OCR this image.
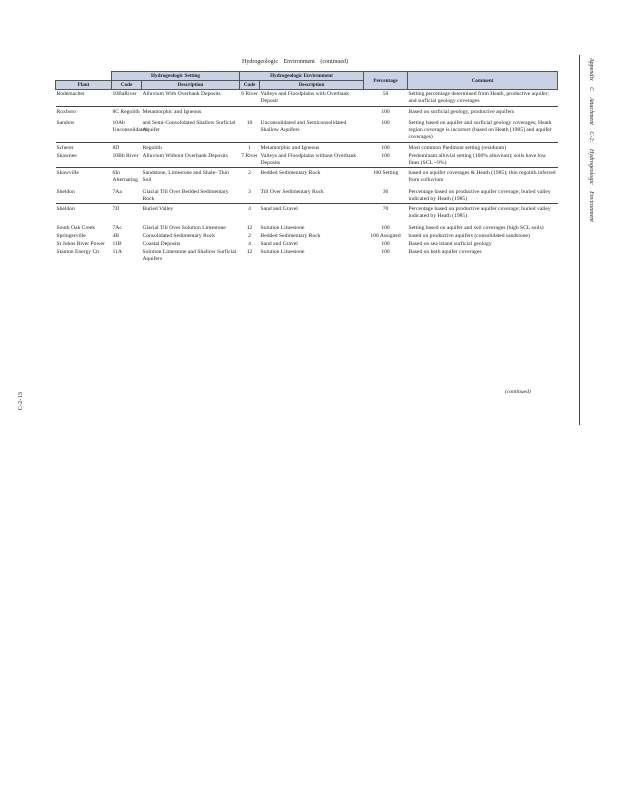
Hydrogeologic Environment (continued)
	Hydrogeologic Setting		Hydrogeologic Environment		Percentage	Comment
Plant	Code	Description	Code	Description		
Rodemacher	10BaRiver	Alluvium With Overbank Deposits	6 River	Valleys and Floodplains with Overbank Deposit	50	Setting percentage determined from Heath, productive aquifer; and surficial geology coverages
Roxboro	8C Regolith	Metamorphic and Igneous			100	Based on surficial geology, productive aquifers
Sandow	10Ab Unconsolidated	and Semi-Consolidated Shallow Surficial Aquifer	10	Unconsolidated and Semiconsolidated Shallow Aquifers	100	Setting based on aquifer and surficial geology coverages; Heath region coverage is incorrect (based on Heath [1985] and aquifer coverages)
Scherer	8D	Regolith	1	Metamorphic and Igneous	100	Most common Piedmont setting (residuum)
Shawnee	10Bb River	Alluvium Without Overbank Deposits	7 River	Valleys and Floodplains without Overbank Deposits	100	Predominant alluvial setting (100% alluvium); soils have low fines (SCL ~9%)
Shawville	6In Alternating	Sandstone, Limestone and Shale- Thin Soil	2	Bedded Sedimentary Rock	100 Setting	based on aquifer coverages & Heath (1985); thin regolith inferred from colluvium
Sheldon	7Aa	Glacial Till Over Bedded Sedimentary Rock	3	Till Over Sedimentary Rock	30	Percentage based on productive aquifer coverage; buried valley indicated by Heath (1985)
Sheldon	7D	Buried Valley	4	Sand and Gravel	70	Percentage based on productive aquifer coverage; buried valley indicated by Heath (1985)
South Oak Creek	7Ac	Glacial Till Over Solution Limestone	12	Solution Limestone	100	Setting based on aquifer and soil coverages (high SCL soils)
Springerville	4B	Consolidated Sedimentary Rock	2	Bedded Sedimentary Rock	100 Assigned	based on productive aquifers (consolidated sandstone)
St Johns River Power	11B	Coastal Deposits	4	Sand and Gravel	100	Based on sea island surficial geology
Stanton Energy Ctr	11A	Solution Limestone and Shallow Surficial Aquifers	12	Solution Limestone	100	Based on both aquifer coverages
(continued)
Appendix C Attachment C-2: Hydrogeologic Environment
C-2-13
